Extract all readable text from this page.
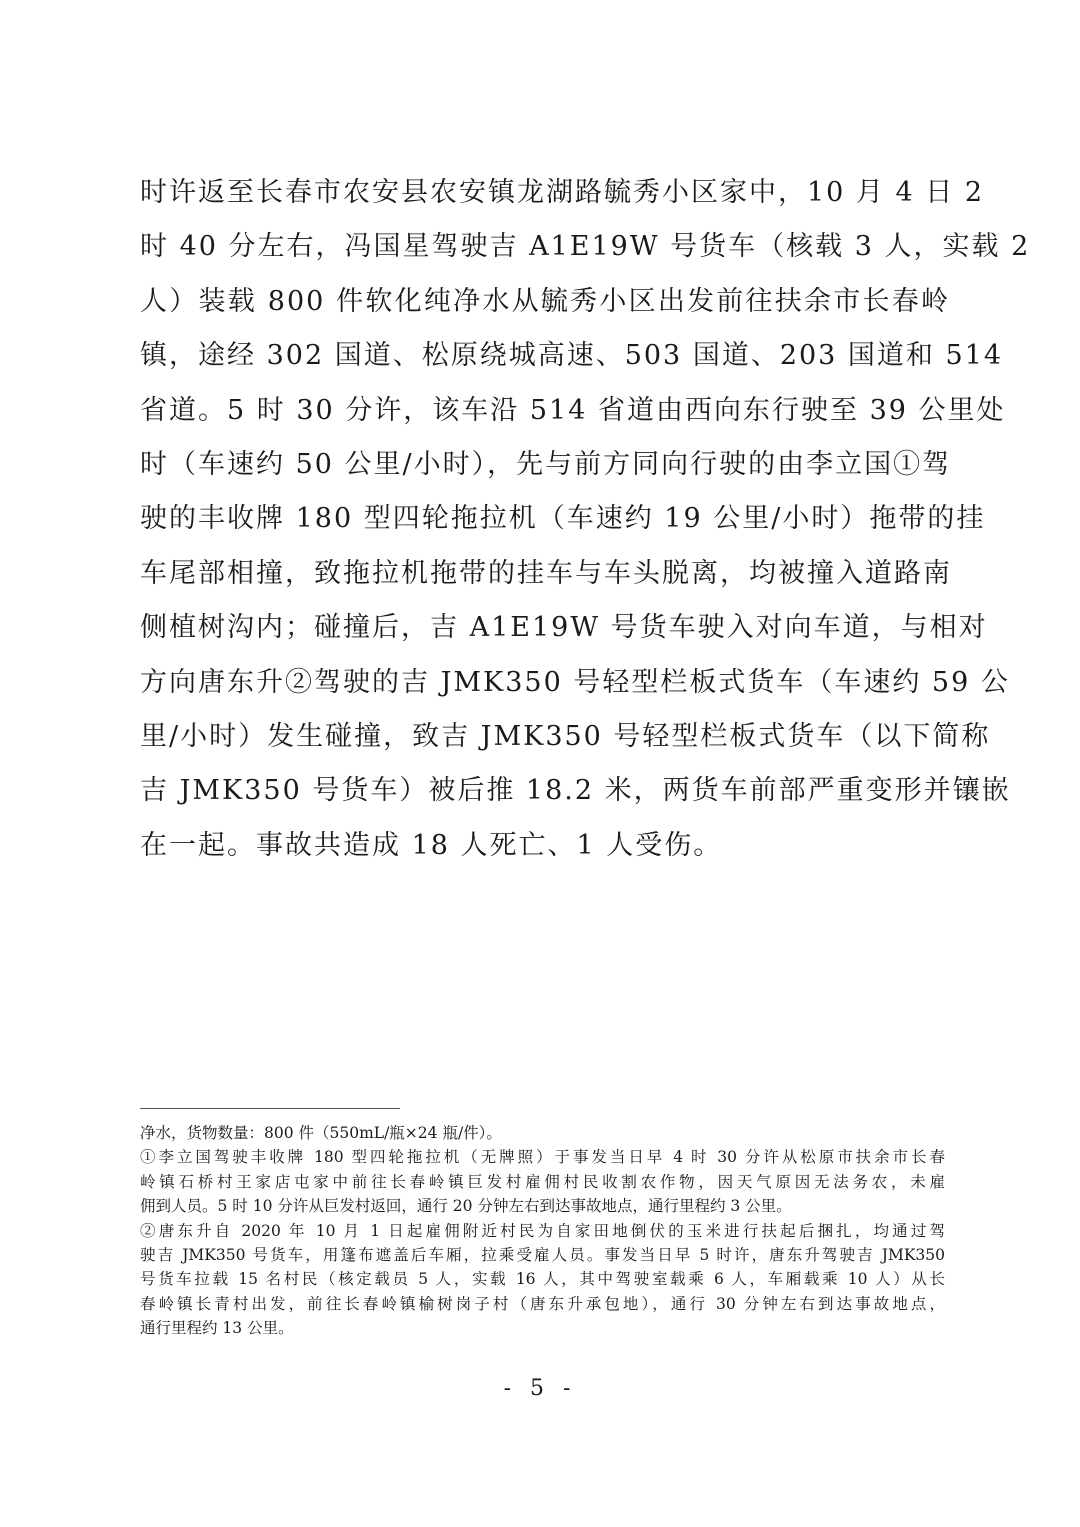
时许返至长春市农安县农安镇龙湖路毓秀小区家中，10 月 4 日 2
时 40 分左右，冯国星驾驶吉 A1E19W 号货车（核载 3 人，实载 2
人）装载 800 件软化纯净水从毓秀小区出发前往扶余市长春岭
镇，途经 302 国道、松原绕城高速、503 国道、203 国道和 514
省道。5 时 30 分许，该车沿 514 省道由西向东行驶至 39 公里处
时（车速约 50 公里/小时），先与前方同向行驶的由李立国①驾
驶的丰收牌 180 型四轮拖拉机（车速约 19 公里/小时）拖带的挂
车尾部相撞，致拖拉机拖带的挂车与车头脱离，均被撞入道路南
侧植树沟内；碰撞后，吉 A1E19W 号货车驶入对向车道，与相对
方向唐东升②驾驶的吉 JMK350 号轻型栏板式货车（车速约 59 公
里/小时）发生碰撞，致吉 JMK350 号轻型栏板式货车（以下简称
吉 JMK350 号货车）被后推 18.2 米，两货车前部严重变形并镶嵌
在一起。事故共造成 18 人死亡、1 人受伤。
净水，货物数量：800 件（550mL/瓶×24 瓶/件）。
①李立国驾驶丰收牌 180 型四轮拖拉机（无牌照）于事发当日早 4 时 30 分许从松原市扶余市长春
岭镇石桥村王家店屯家中前往长春岭镇巨发村雇佣村民收割农作物，因天气原因无法务农，未雇
佣到人员。5 时 10 分许从巨发村返回，通行 20 分钟左右到达事故地点，通行里程约 3 公里。
②唐东升自 2020 年 10 月 1 日起雇佣附近村民为自家田地倒伏的玉米进行扶起后捆扎，均通过驾
驶吉 JMK350 号货车，用篷布遮盖后车厢，拉乘受雇人员。事发当日早 5 时许，唐东升驾驶吉 JMK350
号货车拉载 15 名村民（核定载员 5 人，实载 16 人，其中驾驶室载乘 6 人，车厢载乘 10 人）从长
春岭镇长青村出发，前往长春岭镇榆树岗子村（唐东升承包地），通行 30 分钟左右到达事故地点，
通行里程约 13 公里。
- 5 -
